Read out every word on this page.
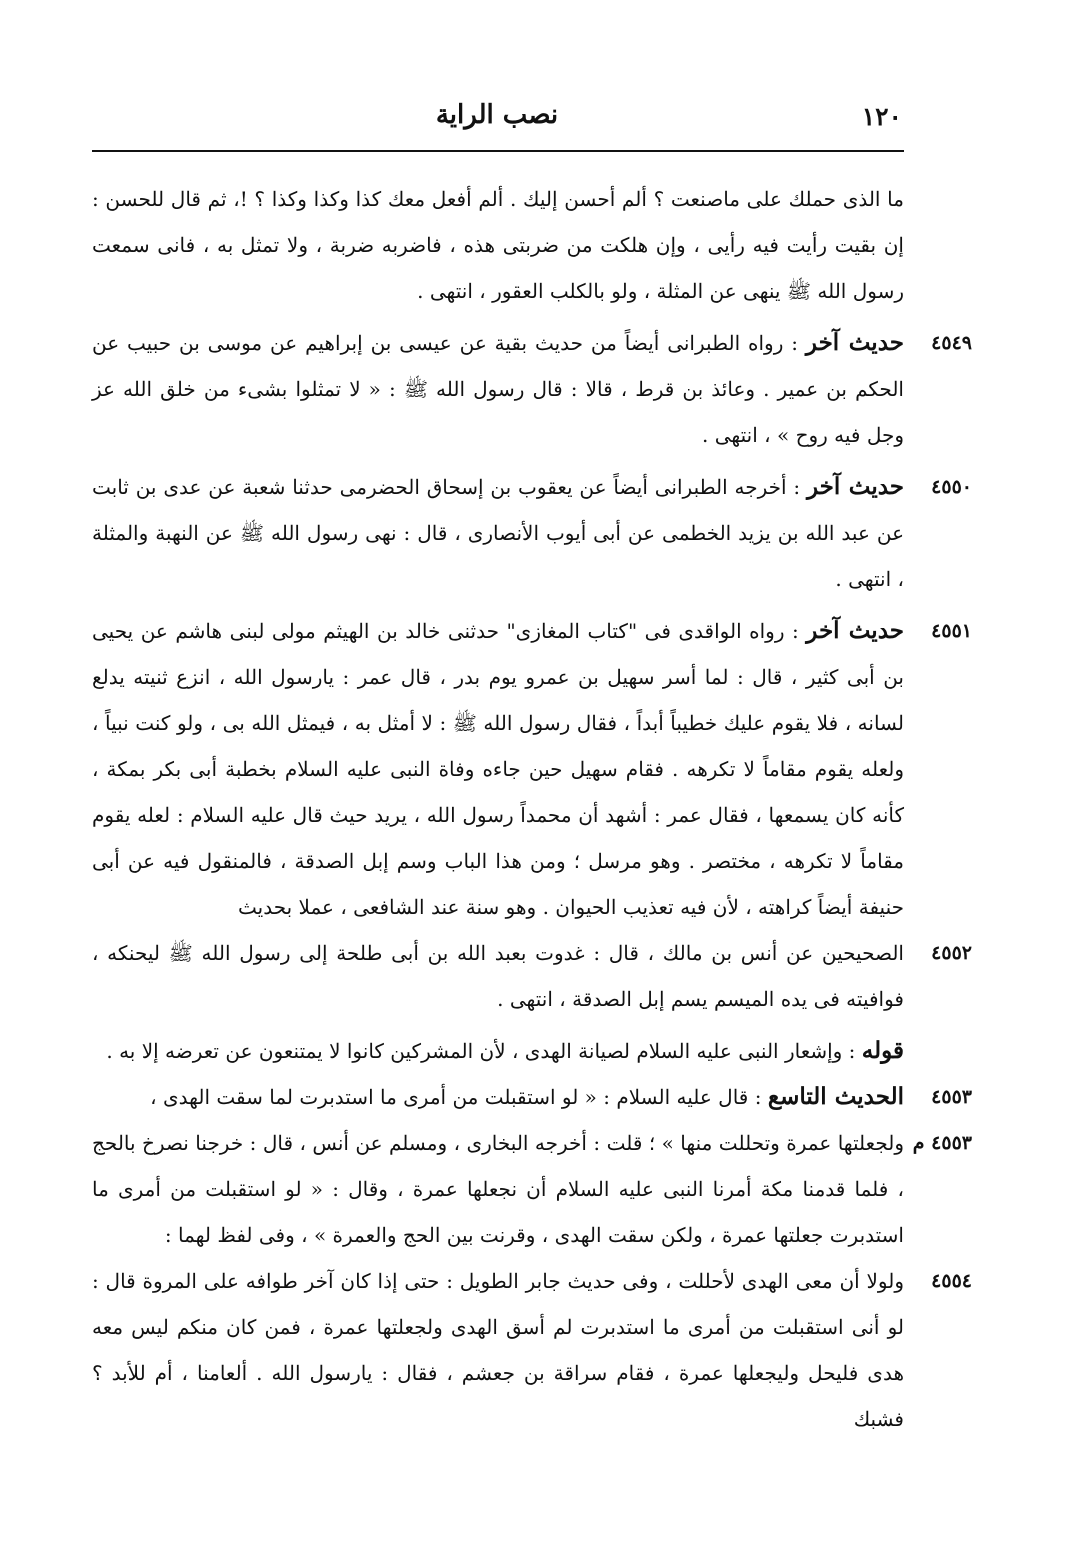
١٢٠
نصب الراية
ما الذى حملك على ماصنعت ؟ ألم أحسن إليك . ألم أفعل معك كذا وكذا وكذا ؟ !، ثم قال للحسن : إن بقيت رأيت فيه رأيى ، وإن هلكت من ضربتى هذه ، فاضربه ضربة ، ولا تمثل به ، فانى سمعت رسول الله ﷺ ينهى عن المثلة ، ولو بالكلب العقور ، انتهى .
٤٥٤٩
حديث آخر : رواه الطبرانى أيضاً من حديث بقية عن عيسى بن إبراهيم عن موسى بن حبيب عن الحكم بن عمير . وعائذ بن قرط ، قالا : قال رسول الله ﷺ : « لا تمثلوا بشىء من خلق الله عز وجل فيه روح » ، انتهى .
٤٥٥٠
حديث آخر : أخرجه الطبرانى أيضاً عن يعقوب بن إسحاق الحضرمى حدثنا شعبة عن عدى بن ثابت عن عبد الله بن يزيد الخطمى عن أبى أيوب الأنصارى ، قال : نهى رسول الله ﷺ عن النهبة والمثلة ، انتهى .
٤٥٥١
حديث آخر : رواه الواقدى فى "كتاب المغازى" حدثنى خالد بن الهيثم مولى لبنى هاشم عن يحيى بن أبى كثير ، قال : لما أسر سهيل بن عمرو يوم بدر ، قال عمر : يارسول الله ، انزع ثنيته يدلع لسانه ، فلا يقوم عليك خطيباً أبداً ، فقال رسول الله ﷺ : لا أمثل به ، فيمثل الله بى ، ولو كنت نبياً ، ولعله يقوم مقاماً لا تكرهه . فقام سهيل حين جاءه وفاة النبى عليه السلام بخطبة أبى بكر بمكة ، كأنه كان يسمعها ، فقال عمر : أشهد أن محمداً رسول الله ، يريد حيث قال عليه السلام : لعله يقوم مقاماً لا تكرهه ، مختصر . وهو مرسل ؛ ومن هذا الباب وسم إبل الصدقة ، فالمنقول فيه عن أبى حنيفة أيضاً كراهته ، لأن فيه تعذيب الحيوان . وهو سنة عند الشافعى ، عملا بحديث
٤٥٥٢
الصحيحين عن أنس بن مالك ، قال : غدوت بعبد الله بن أبى طلحة إلى رسول الله ﷺ ليحنكه ، فوافيته فى يده الميسم يسم إبل الصدقة ، انتهى .
قوله : وإشعار النبى عليه السلام لصيانة الهدى ، لأن المشركين كانوا لا يمتنعون عن تعرضه إلا به .
٤٥٥٣
الحديث التاسع : قال عليه السلام : « لو استقبلت من أمرى ما استدبرت لما سقت الهدى ،
٤٥٥٣ م
ولجعلتها عمرة وتحللت منها » ؛ قلت : أخرجه البخارى ، ومسلم عن أنس ، قال : خرجنا نصرخ بالحج ، فلما قدمنا مكة أمرنا النبى عليه السلام أن نجعلها عمرة ، وقال : « لو استقبلت من أمرى ما استدبرت جعلتها عمرة ، ولكن سقت الهدى ، وقرنت بين الحج والعمرة » ، وفى لفظ لهما :
٤٥٥٤
ولولا أن معى الهدى لأحللت ، وفى حديث جابر الطويل : حتى إذا كان آخر طوافه على المروة قال : لو أنى استقبلت من أمرى ما استدبرت لم أسق الهدى ولجعلتها عمرة ، فمن كان منكم ليس معه هدى فليحل وليجعلها عمرة ، فقام سراقة بن جعشم ، فقال : يارسول الله . ألعامنا ، أم للأبد ؟ فشبك
